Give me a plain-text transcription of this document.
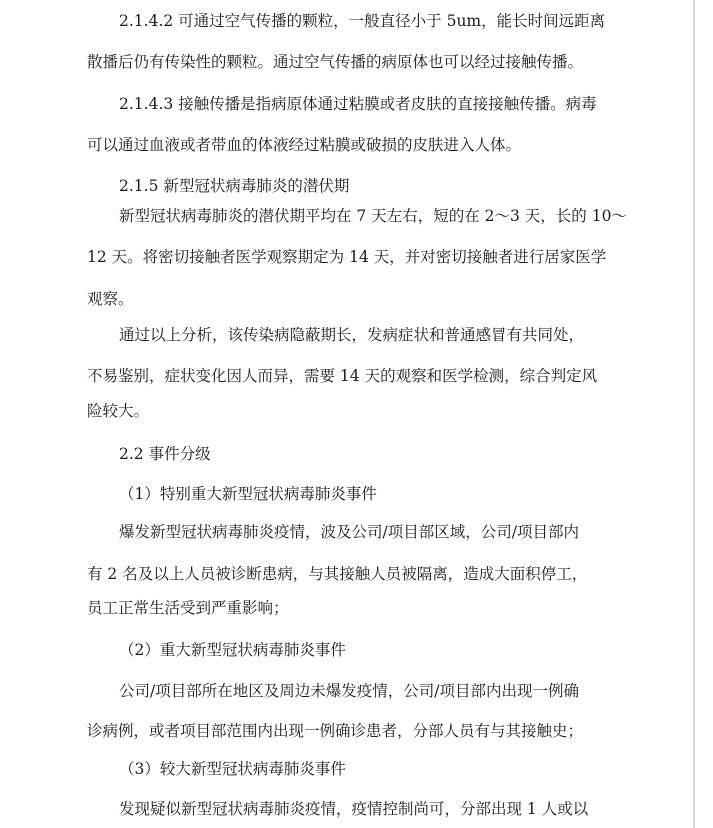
2.1.4.2 可通过空气传播的颗粒，一般直径小于 5um，能长时间远距离
散播后仍有传染性的颗粒。通过空气传播的病原体也可以经过接触传播。
2.1.4.3 接触传播是指病原体通过粘膜或者皮肤的直接接触传播。病毒
可以通过血液或者带血的体液经过粘膜或破损的皮肤进入人体。
2.1.5 新型冠状病毒肺炎的潜伏期
新型冠状病毒肺炎的潜伏期平均在 7 天左右，短的在 2～3 天，长的 10～
12 天。将密切接触者医学观察期定为 14 天，并对密切接触者进行居家医学
观察。
通过以上分析，该传染病隐蔽期长，发病症状和普通感冒有共同处，
不易鉴别，症状变化因人而异，需要 14 天的观察和医学检测，综合判定风
险较大。
2.2 事件分级
（1）特别重大新型冠状病毒肺炎事件
爆发新型冠状病毒肺炎疫情，波及公司/项目部区域，公司/项目部内
有 2 名及以上人员被诊断患病，与其接触人员被隔离，造成大面积停工，
员工正常生活受到严重影响；
（2）重大新型冠状病毒肺炎事件
公司/项目部所在地区及周边未爆发疫情，公司/项目部内出现一例确
诊病例，或者项目部范围内出现一例确诊患者，分部人员有与其接触史；
（3）较大新型冠状病毒肺炎事件
发现疑似新型冠状病毒肺炎疫情，疫情控制尚可，分部出现 1 人或以
